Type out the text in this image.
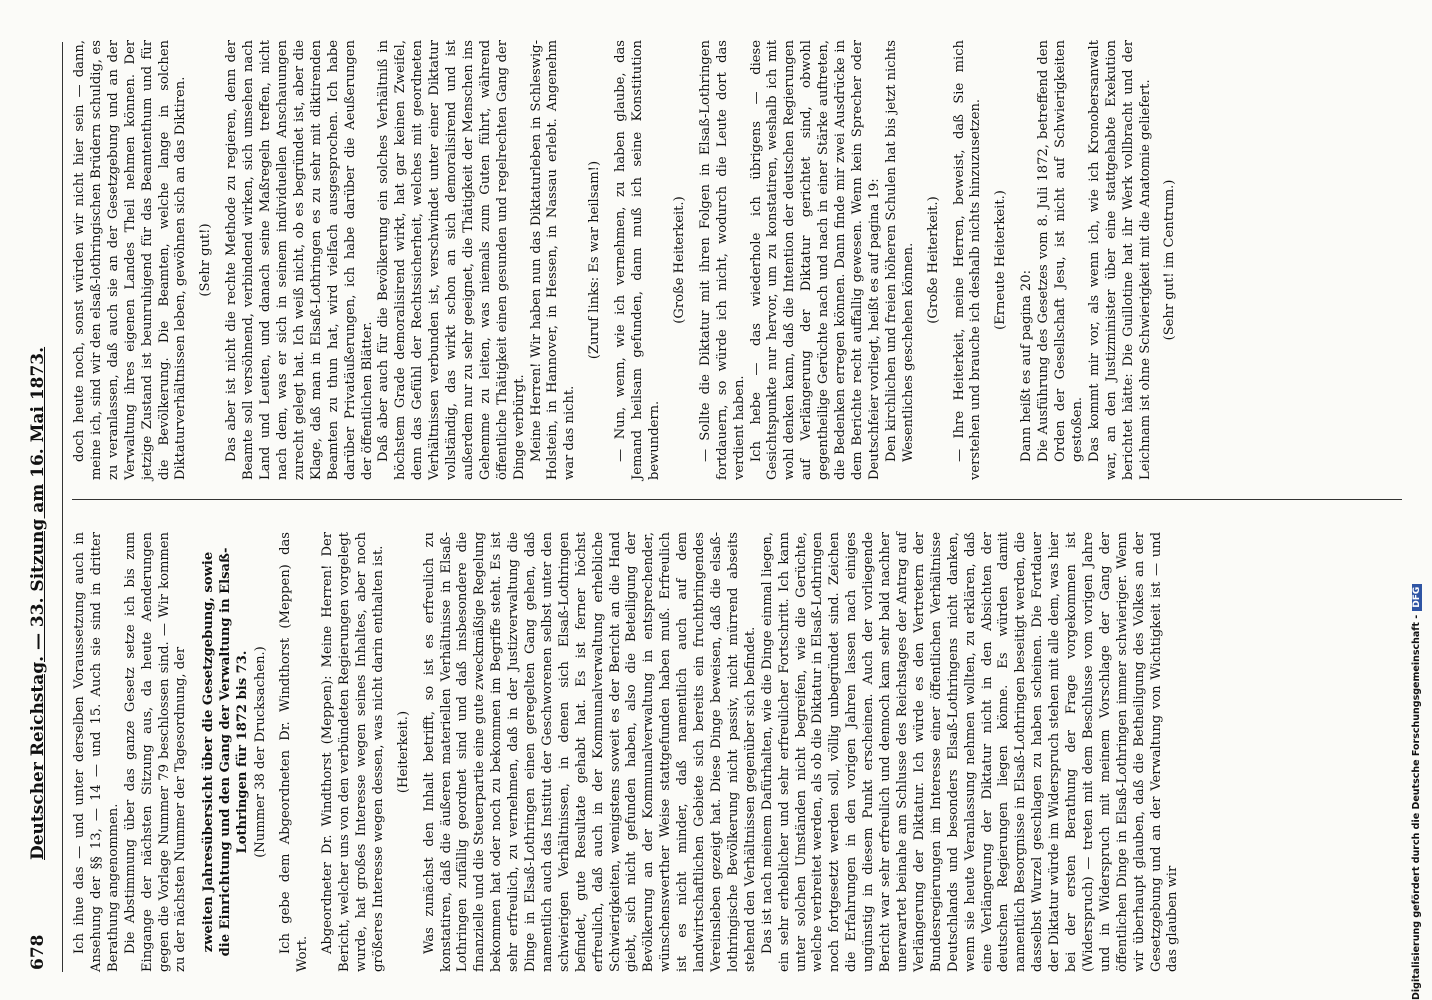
678
Deutscher Reichstag. — 33. Sitzung am 16. Mai 1873. Ich ihue das — und unter derselben Voraussetzung auch in Ansehung der §§ 13, — 14 — und 15. Auch sie sind in dritter Berathung angenommen. Die Abstimmung über das ganze Gesetz setze ich bis zum Eingange der nächsten Sitzung aus, da heute Aenderungen gegen die Vorlage Nummer 79 beschlossen sind. — Wir kommen zu der nächsten Nummer der Tagesordnung, der zweiten Jahresübersicht über die Gesetzgebung, sowie die Einrichtung und den Gang der Verwaltung in Elsaß-Lothringen für 1872 bis 73. (Nummer 38 der Drucksachen.) Ich gebe dem Abgeordneten Dr. Windthorst (Meppen) das Wort. Abgeordneter Dr. Windthorst (Meppen): Meine Herren! Der Bericht, welcher uns von den verbündeten Regierungen vorgelegt wurde, hat großes Interesse wegen seines Inhaltes, aber noch größeres Interesse wegen dessen, was nicht darin enthalten ist. (Heiterkeit.) Was zunächst den Inhalt betrifft, so ist es erfreulich zu konstatiren, daß die äußeren materiellen Verhältnisse in Elsaß-Lothringen zufällig geordnet sind und daß insbesondere die finanzielle und die Steuerpartie eine gute zweckmäßige Regelung bekommen hat oder noch zu bekommen im Begriffe steht. Es ist sehr erfreulich, zu vernehmen, daß in der Justizverwaltung die Dinge in Elsaß-Lothringen einen geregelten Gang gehen, daß namentlich auch das Institut der Geschworenen selbst unter den schwierigen Verhältnissen, in denen sich Elsaß-Lothringen befindet, gute Resultate gehabt hat. Es ist ferner höchst erfreulich, daß auch in der Kommunalverwaltung erhebliche Schwierigkeiten, wenigstens soweit es der Bericht an die Hand giebt, sich nicht gefunden haben, also die Beteiligung der Bevölkerung an der Kommunalverwaltung in entsprechender, wünschenswerther Weise stattgefunden haben muß. Erfreulich ist es nicht minder, daß namentlich auch auf dem landwirtschaftlichen Gebiete sich bereits ein fruchtbringendes Vereinsleben gezeigt hat. Diese Dinge beweisen, daß die elsaß-lothringische Bevölkerung nicht passiv, nicht mürrend abseits stehend den Verhältnissen gegenüber sich befindet. Das ist nach meinem Dafürhalten, wie die Dinge einmal liegen, ein sehr erheblicher und sehr erfreulicher Fortschritt. Ich kann unter solchen Umständen nicht begreifen, wie die Gerüchte, welche verbreitet werden, als ob die Diktatur in Elsaß-Lothringen noch fortgesetzt werden soll, völlig unbegründet sind. Zeichen die Erfahrungen in den vorigen Jahren lassen nach einiges ungünstig in diesem Punkt erscheinen. Auch der vorliegende Bericht war sehr erfreulich und dennoch kam sehr bald nachher unerwartet beinahe am Schlusse des Reichstages der Antrag auf Verlängerung der Diktatur. Ich würde es den Vertretern der Bundesregierungen im Interesse einer öffentlichen Verhältnisse Deutschlands und besonders Elsaß-Lothringens nicht danken, wenn sie heute Veranlassung nehmen wollten, zu erklären, daß eine Verlängerung der Diktatur nicht in den Absichten der deutschen Regierungen liegen könne. Es würden damit namentlich Besorgnisse in Elsaß-Lothringen beseitigt werden, die dasselbst Wurzel geschlagen zu haben scheinen. Die Fortdauer der Diktatur würde im Widerspruch stehen mit alle dem, was hier bei der ersten Berathung der Frage vorgekommen ist (Widerspruch) — treten mit dem Beschlusse vom vorigen Jahre und in Widerspruch mit meinem Vorschlage der Gang der öffentlichen Dinge in Elsaß-Lothringen immer schwieriger. Wenn wir überhaupt glauben, daß die Betheiligung des Volkes an der Gesetzgebung und an der Verwaltung von Wichtigkeit ist — und das glauben wir

doch heute noch, sonst würden wir nicht hier sein — dann, meine ich, sind wir den elsaß-lothringischen Brüdern schuldig, es zu veranlassen, daß auch sie an der Gesetzgebung und an der Verwaltung ihres eigenen Landes Theil nehmen können. Der jetzige Zustand ist beunruhigend für das Beamtenthum und für die Bevölkerung. Die Beamten, welche lange in solchen Diktaturverhältnissen leben, gewöhnen sich an das Diktiren. (Sehr gut!) Das aber ist nicht die rechte Methode zu regieren, denn der Beamte soll versöhnend, verbindend wirken, sich umsehen nach Land und Leuten, und danach seine Maßregeln treffen, nicht nach dem, was er sich in seinem individuellen Anschauungen zurecht gelegt hat. Ich weiß nicht, ob es begründet ist, aber die Klage, daß man in Elsaß-Lothringen es zu sehr mit diktirenden Beamten zu thun hat, wird vielfach ausgesprochen. Ich habe darüber Privatäußerungen, ich habe darüber die Aeußerungen der öffentlichen Blätter. Daß aber auch für die Bevölkerung ein solches Verhältniß in höchstem Grade demoralisirend wirkt, hat gar keinen Zweifel, denn das Gefühl der Rechtssicherheit, welches mit geordneten Verhältnissen verbunden ist, verschwindet unter einer Diktatur vollständig, das wirkt schon an sich demoralisirend und ist außerdem nur zu sehr geeignet, die Thätigkeit der Menschen ins Gehemme zu leiten, was niemals zum Guten führt, während öffentliche Thätigkeit einen gesunden und regelrechten Gang der Dinge verbürgt. Meine Herren! Wir haben nun das Diktaturleben in Schleswig-Holstein, in Hannover, in Hessen, in Nassau erlebt. Angenehm war das nicht.

(Zuruf links: Es war heilsam!) — Nun, wenn, wie ich vernehmen, zu haben glaube, das Jemand heilsam gefunden, dann muß ich seine Konstitution bewundern.

(Große Heiterkeit.) — Sollte die Diktatur mit ihren Folgen in Elsaß-Lothringen fortdauern, so würde ich nicht, wodurch die Leute dort das verdient haben. Ich hebe — das wiederhole ich übrigens — diese Gesichtspunkte nur hervor, um zu konstatiren, weshalb ich mit wohl denken kann, daß die Intention der deutschen Regierungen auf Verlängerung der Diktatur gerichtet sind, obwohl gegentheilige Gerüchte nach und nach in einer Stärke auftreten, die Bedenken erregen können. Dann finde mir zwei Ausdrücke in dem Berichte recht auffallig gewesen. Wenn kein Sprecher oder Deutschfeier vorliegt, heißt es auf pagina 19: Den kirchlichen und freien höheren Schulen hat bis jetzt nichts Wesentliches geschehen können. (Große Heiterkeit.) — Ihre Heiterkeit, meine Herren, beweist, daß Sie mich verstehen und brauche ich deshalb nichts hinzuzusetzen. (Erneute Heiterkeit.)

Dann heißt es auf pagina 20: Die Ausführung des Gesetzes vom 8. Juli 1872, betreffend den Orden der Gesellschaft Jesu, ist nicht auf Schwierigkeiten gestoßen. Das kommt mir vor, als wenn ich, wie ich Kronobersanwalt war, an den Justizminister über eine stattgehabte Exekution berichtet hätte: Die Guillotine hat ihr Werk vollbracht und der Leichnam ist ohne Schwierigkeit mit die Anatomie geliefert. (Sehr gut! im Centrum.)

Digitalisierung gefördert durch die Deutsche Forschungsgemeinschaft -DFG
